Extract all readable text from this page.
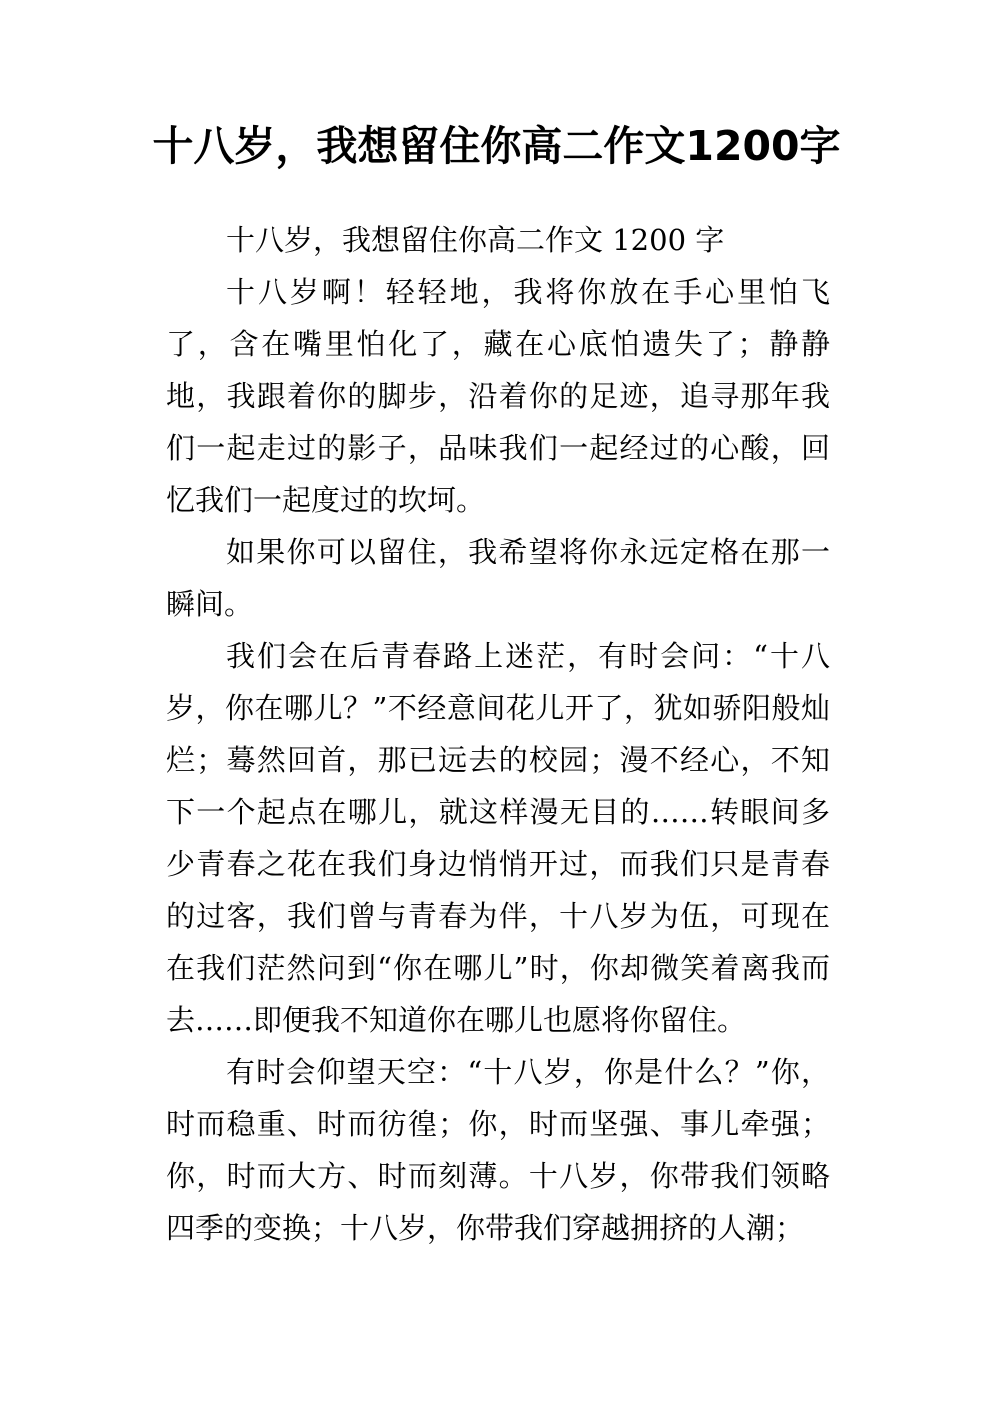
十八岁，我想留住你高二作文1200字

十八岁，我想留住你高二作文 1200 字

十八岁啊！轻轻地，我将你放在手心里怕飞了，含在嘴里怕化了，藏在心底怕遗失了；静静地，我跟着你的脚步，沿着你的足迹，追寻那年我们一起走过的影子，品味我们一起经过的心酸，回忆我们一起度过的坎坷。

如果你可以留住，我希望将你永远定格在那一瞬间。

我们会在后青春路上迷茫，有时会问：“十八岁，你在哪儿？”不经意间花儿开了，犹如骄阳般灿烂；蓦然回首，那已远去的校园；漫不经心，不知下一个起点在哪儿，就这样漫无目的……转眼间多少青春之花在我们身边悄悄开过，而我们只是青春的过客，我们曾与青春为伴，十八岁为伍，可现在在我们茫然问到“你在哪儿”时，你却微笑着离我而去……即便我不知道你在哪儿也愿将你留住。

有时会仰望天空：“十八岁，你是什么？”你，时而稳重、时而彷徨；你，时而坚强、事儿牵强；你，时而大方、时而刻薄。十八岁，你带我们领略四季的变换；十八岁，你带我们穿越拥挤的人潮；
